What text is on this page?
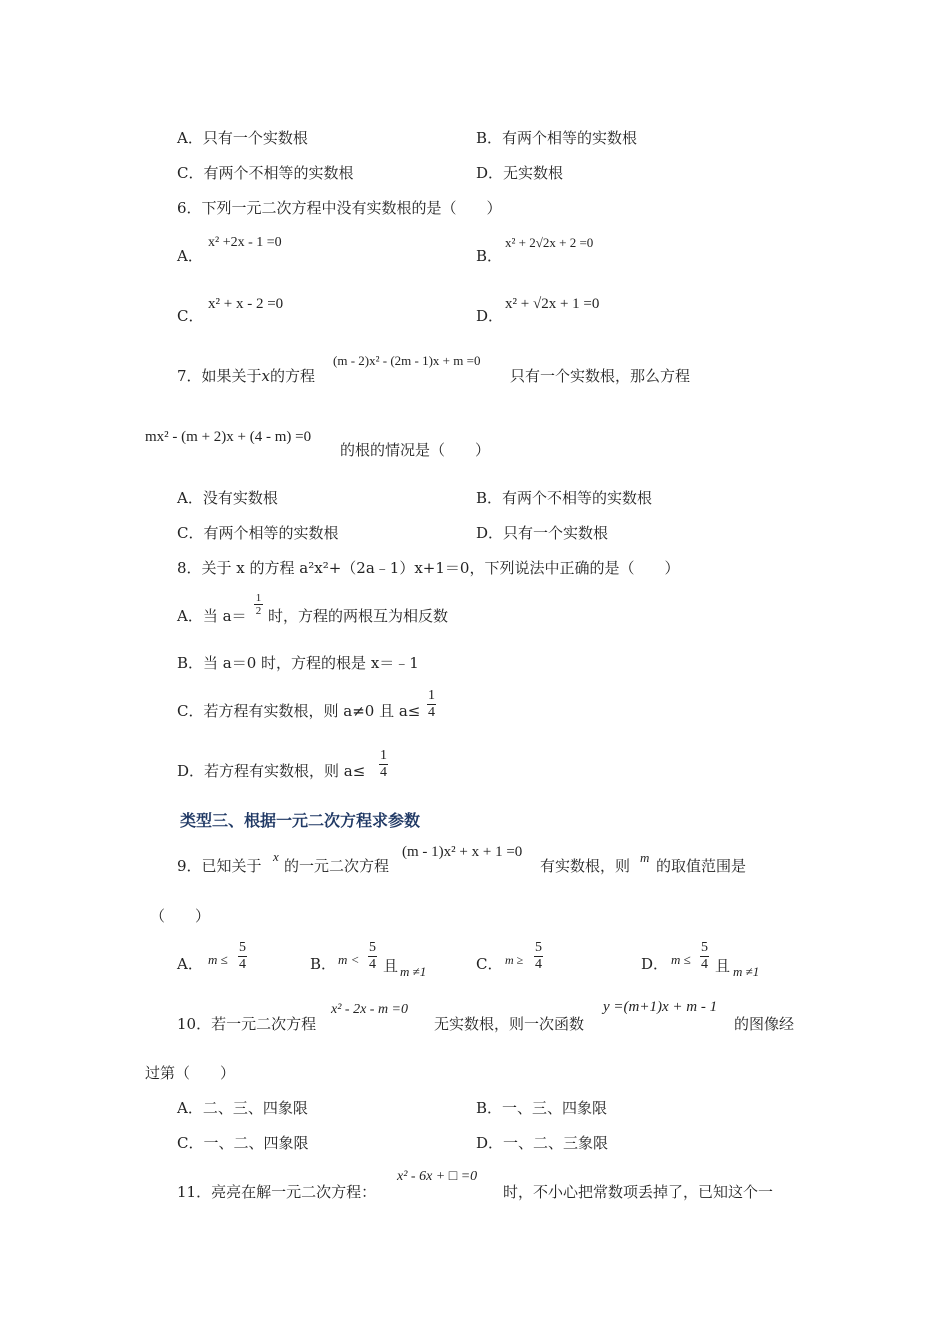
A．只有一个实数根	B．有两个相等的实数根
C．有两个不相等的实数根	D．无实数根
6．下列一元二次方程中没有实数根的是（　　）
A．
x² +2x - 1 =0
B．
x² + 2√2x + 2 =0
C．
x² + x - 2 =0
D．
x² + √2x + 1 =0
7．如果关于x的方程
(m - 2)x² - (2m - 1)x + m =0
只有一个实数根，那么方程
mx² - (m + 2)x + (4 - m) =0
的根的情况是（　　）
A．没有实数根	B．有两个不相等的实数根
C．有两个相等的实数根	D．只有一个实数根
8．关于 x 的方程 a²x²+（2a﹣1）x+1＝0，下列说法中正确的是（　　）
A．当 a＝
1
2 时，方程的两根互为相反数
B．当 a＝0 时，方程的根是 x＝﹣1
C．若方程有实数根，则 a≠0 且 a≤
1
4
D．若方程有实数根，则 a≤
1
4
类型三、根据一元二次方程求参数
9．已知关于
x
的一元二次方程
(m - 1)x² + x + 1 =0
有实数根，则 m 的取值范围是
（　　）
A． m ≤
5
4	B． m <
5
4 且 m ≠1	C． m ≥
5
4	D． m ≤
5
4 且 m ≠1
10．若一元二次方程
x² - 2x - m =0
无实数根，则一次函数
y =(m+1)x + m - 1
的图像经
过第（　　）
A．二、三、四象限	B．一、三、四象限
C．一、二、四象限	D．一、二、三象限
11．亮亮在解一元二次方程：
x² - 6x + □ =0
时，不小心把常数项丢掉了，已知这个一
